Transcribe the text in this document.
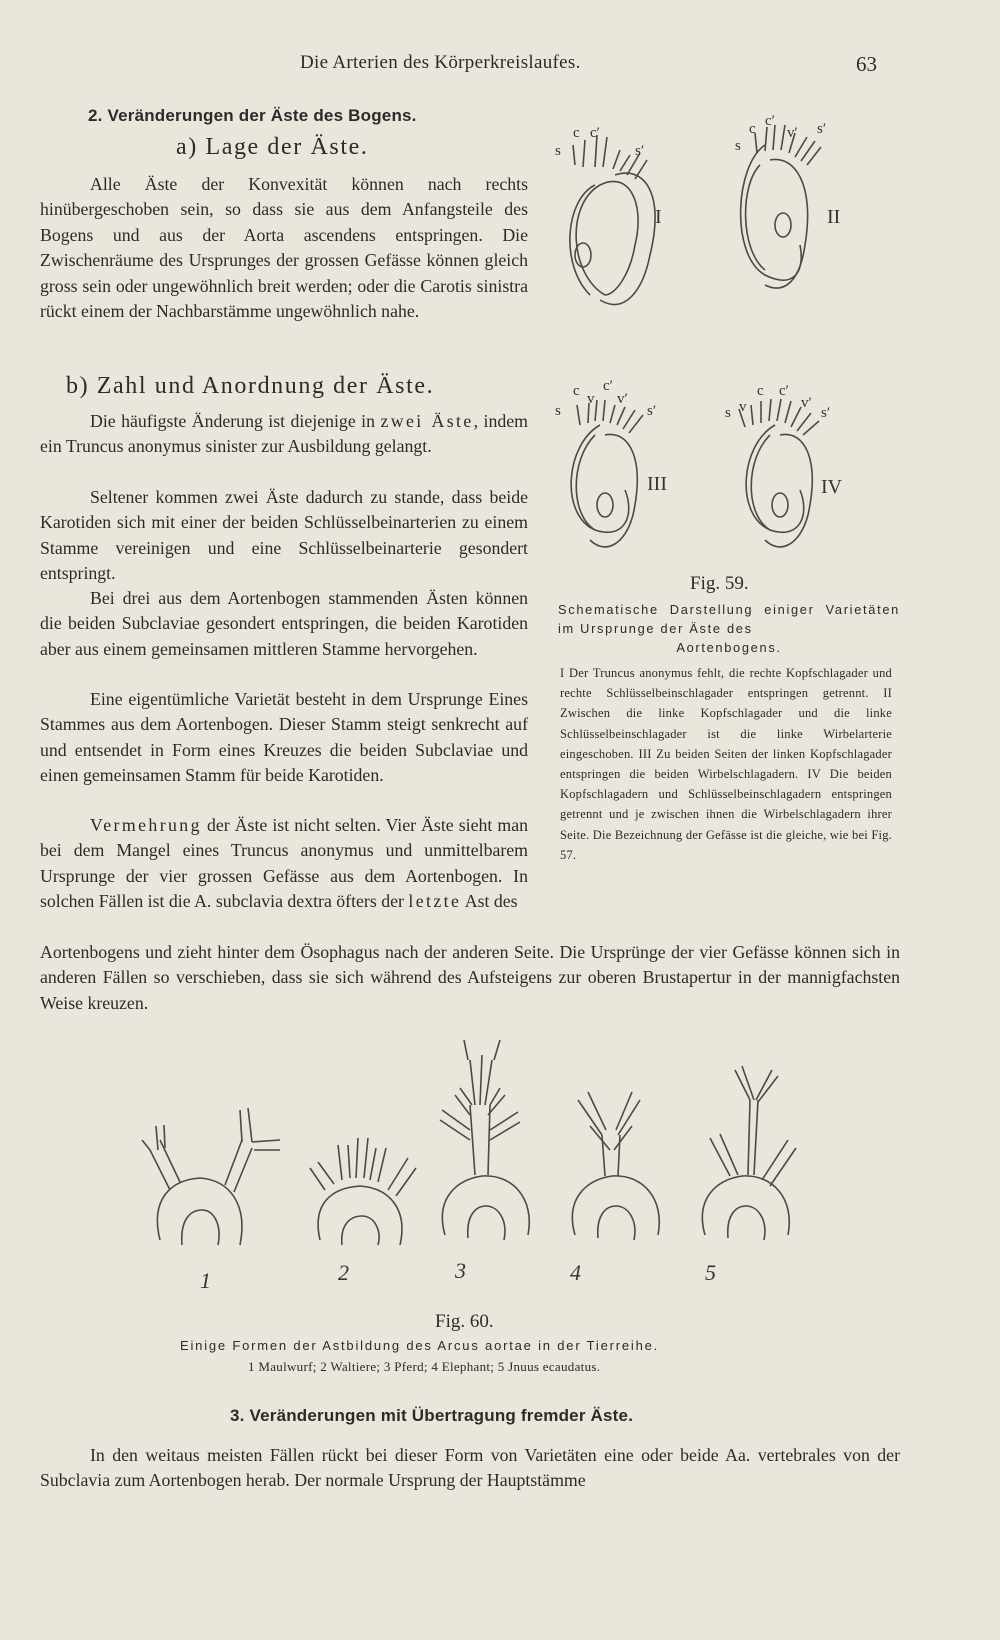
Die Arterien des Körperkreislaufes.	63
2. Veränderungen der Äste des Bogens.
a) Lage der Äste.

Alle Äste der Konvexität können nach rechts hinübergeschoben sein, so dass sie aus dem Anfangsteile des Bogens und aus der Aorta ascendens entspringen. Die Zwischenräume des Ursprunges der grossen Gefässe können gleich gross sein oder ungewöhnlich breit werden; oder die Carotis sinistra rückt einem der Nachbarstämme ungewöhnlich nahe.

b) Zahl und Anordnung der Äste.

Die häufigste Änderung ist diejenige in zwei Äste, indem ein Truncus anonymus sinister zur Ausbildung gelangt.

Seltener kommen zwei Äste dadurch zu stande, dass beide Karotiden sich mit einer der beiden Schlüsselbeinarterien zu einem Stamme vereinigen und eine Schlüsselbeinarterie gesondert entspringt.

Bei drei aus dem Aortenbogen stammenden Ästen können die beiden Subclaviae gesondert entspringen, die beiden Karotiden aber aus einem gemeinsamen mittleren Stamme hervorgehen.

Eine eigentümliche Varietät besteht in dem Ursprunge Eines Stammes aus dem Aortenbogen. Dieser Stamm steigt senkrecht auf und entsendet in Form eines Kreuzes die beiden Subclaviae und einen gemeinsamen Stamm für beide Karotiden.

Vermehrung der Äste ist nicht selten. Vier Äste sieht man bei dem Mangel eines Truncus anonymus und unmittelbarem Ursprunge der vier grossen Gefässe aus dem Aortenbogen. In solchen Fällen ist die A. subclavia dextra öfters der letzte Ast des

Aortenbogens und zieht hinter dem Ösophagus nach der anderen Seite. Die Ursprünge der vier Gefässe können sich in anderen Fällen so verschieben, dass sie sich während des Aufsteigens zur oberen Brustapertur in der mannigfachsten Weise kreuzen.

s
c c′
s′
I
s
c c′
v′ s′
II
s
c v
c′
v′
s′
III
s v
c c′
v′
s′
IV
Fig. 59.
Schematische Darstellung einiger Varietäten im Ursprunge der Äste des
Aortenbogens.
I Der Truncus anonymus fehlt, die rechte Kopfschlagader und rechte Schlüsselbeinschlagader entspringen getrennt. II Zwischen die linke Kopfschlagader und die linke Schlüsselbeinschlagader ist die linke Wirbelarterie eingeschoben. III Zu beiden Seiten der linken Kopfschlagader entspringen die beiden Wirbelschlagadern. IV Die beiden Kopfschlagadern und Schlüsselbeinschlagadern entspringen getrennt und je zwischen ihnen die Wirbelschlagadern ihrer Seite. Die Bezeichnung der Gefässe ist die gleiche, wie bei Fig. 57.
1	2	3	4	5
Fig. 60.
Einige Formen der Astbildung des Arcus aortae in der Tierreihe.
1 Maulwurf; 2 Waltiere; 3 Pferd; 4 Elephant; 5 Jnuus ecaudatus.
3. Veränderungen mit Übertragung fremder Äste.

In den weitaus meisten Fällen rückt bei dieser Form von Varietäten eine oder beide Aa. vertebrales von der Subclavia zum Aortenbogen herab. Der normale Ursprung der Hauptstämme
